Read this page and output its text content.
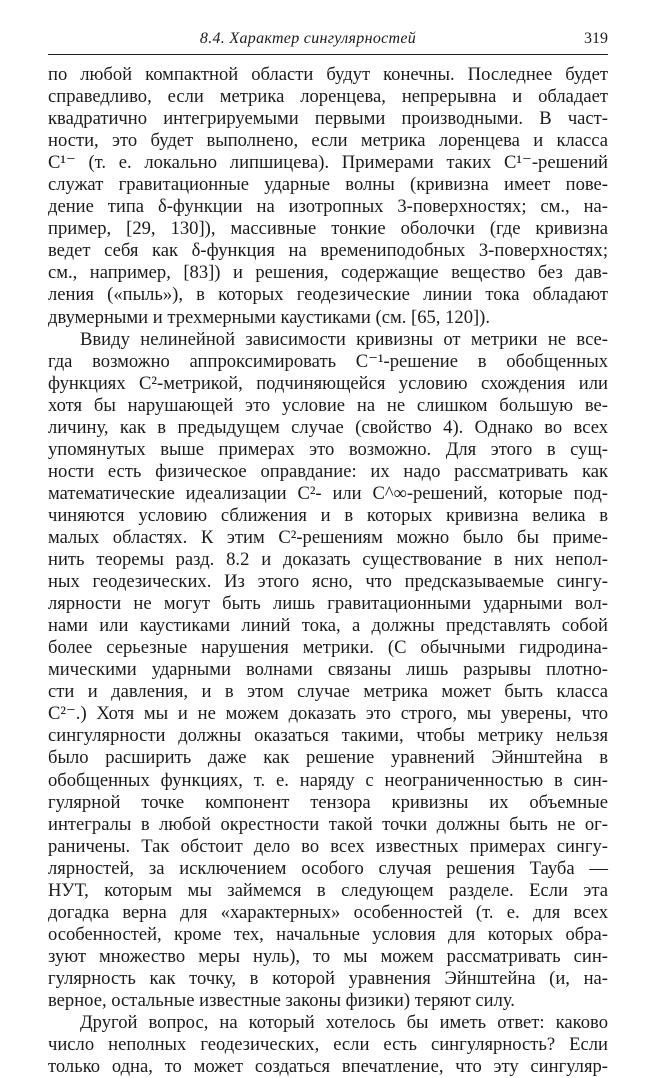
8.4. Характер сингулярностей	319
по любой компактной области будут конечны. Последнее будет
справедливо, если метрика лоренцева, непрерывна и обладает
квадратично интегрируемыми первыми производными. В част-
ности, это будет выполнено, если метрика лоренцева и класса
C¹⁻ (т. е. локально липшицева). Примерами таких C¹⁻-решений
служат гравитационные ударные волны (кривизна имеет пове-
дение типа δ-функции на изотропных 3-поверхностях; см., на-
пример, [29, 130]), массивные тонкие оболочки (где кривизна
ведет себя как δ-функция на времениподобных 3-поверхностях;
см., например, [83]) и решения, содержащие вещество без дав-
ления («пыль»), в которых геодезические линии тока обладают
двумерными и трехмерными каустиками (см. [65, 120]).
Ввиду нелинейной зависимости кривизны от метрики не все-
гда возможно аппроксимировать C⁻¹-решение в обобщенных
функциях C²-метрикой, подчиняющейся условию схождения или
хотя бы нарушающей это условие на не слишком большую ве-
личину, как в предыдущем случае (свойство 4). Однако во всех
упомянутых выше примерах это возможно. Для этого в сущ-
ности есть физическое оправдание: их надо рассматривать как
математические идеализации C²- или C^∞-решений, которые под-
чиняются условию сближения и в которых кривизна велика в
малых областях. К этим C²-решениям можно было бы приме-
нить теоремы разд. 8.2 и доказать существование в них непол-
ных геодезических. Из этого ясно, что предсказываемые сингу-
лярности не могут быть лишь гравитационными ударными вол-
нами или каустиками линий тока, а должны представлять собой
более серьезные нарушения метрики. (С обычными гидродина-
мическими ударными волнами связаны лишь разрывы плотно-
сти и давления, и в этом случае метрика может быть класса
C²⁻.) Хотя мы и не можем доказать это строго, мы уверены, что
сингулярности должны оказаться такими, чтобы метрику нельзя
было расширить даже как решение уравнений Эйнштейна в
обобщенных функциях, т. е. наряду с неограниченностью в син-
гулярной точке компонент тензора кривизны их объемные
интегралы в любой окрестности такой точки должны быть не ог-
раничены. Так обстоит дело во всех известных примерах сингу-
лярностей, за исключением особого случая решения Тауба —
НУТ, которым мы займемся в следующем разделе. Если эта
догадка верна для «характерных» особенностей (т. е. для всех
особенностей, кроме тех, начальные условия для которых обра-
зуют множество меры нуль), то мы можем рассматривать син-
гулярность как точку, в которой уравнения Эйнштейна (и, на-
верное, остальные известные законы физики) теряют силу.
Другой вопрос, на который хотелось бы иметь ответ: каково
число неполных геодезических, если есть сингулярность? Если
только одна, то может создаться впечатление, что эту сингуляр-
